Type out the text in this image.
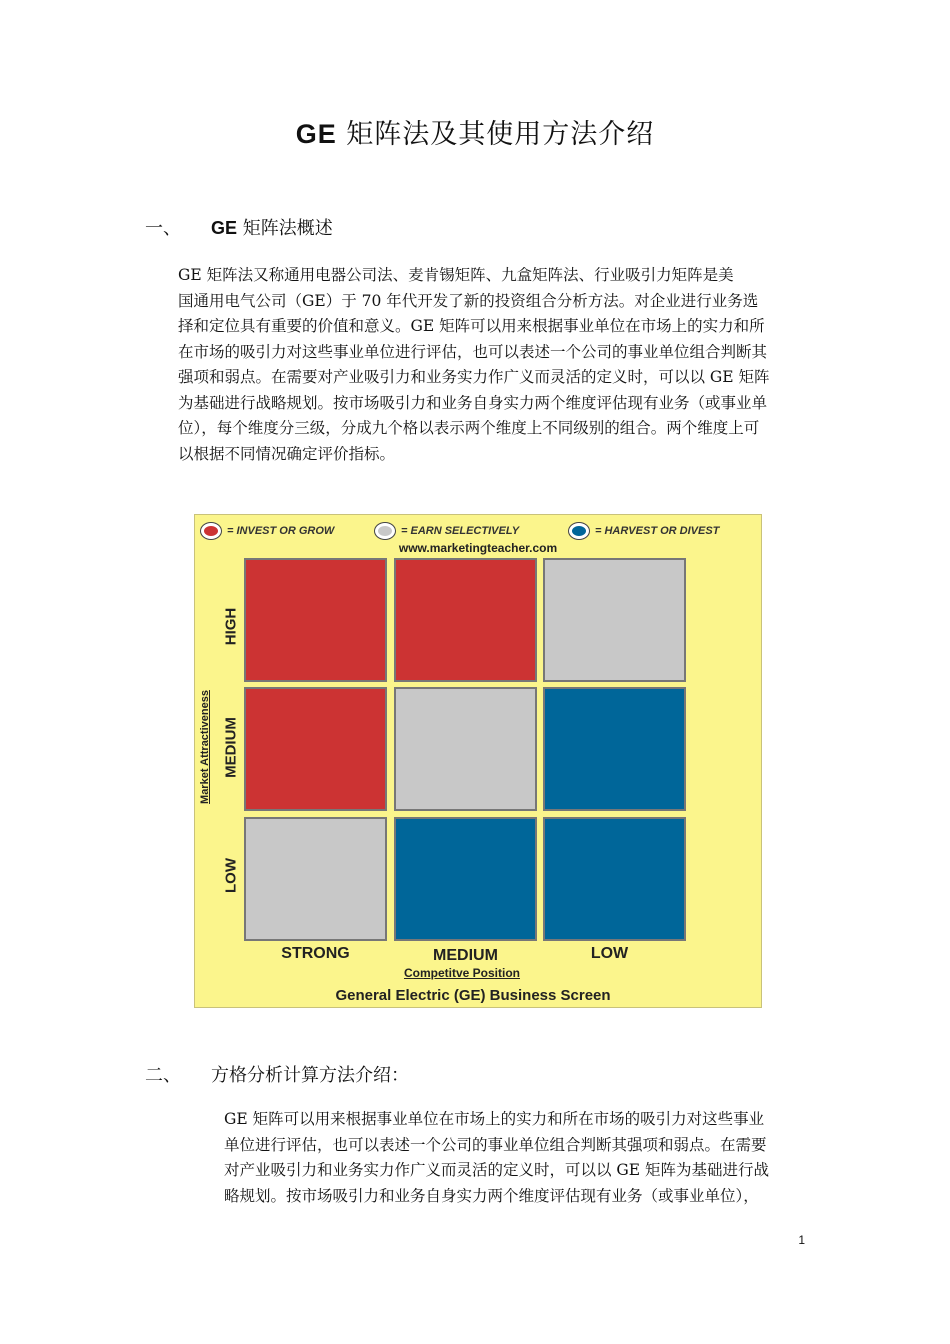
GE 矩阵法及其使用方法介绍
一、 GE 矩阵法概述
GE 矩阵法又称通用电器公司法、麦肯锡矩阵、九盒矩阵法、行业吸引力矩阵是美
国通用电气公司（GE）于 70 年代开发了新的投资组合分析方法。对企业进行业务选
择和定位具有重要的价值和意义。GE 矩阵可以用来根据事业单位在市场上的实力和所
在市场的吸引力对这些事业单位进行评估，也可以表述一个公司的事业单位组合判断其
强项和弱点。在需要对产业吸引力和业务实力作广义而灵活的定义时，可以以 GE 矩阵
为基础进行战略规划。按市场吸引力和业务自身实力两个维度评估现有业务（或事业单
位），每个维度分三级，分成九个格以表示两个维度上不同级别的组合。两个维度上可
以根据不同情况确定评价指标。
= INVEST OR GROW	= EARN SELECTIVELY	= HARVEST OR DIVEST
www.marketingteacher.com
Market Attractiveness
HIGH
MEDIUM
LOW
STRONG	MEDIUM	LOW
Competitve Position
General Electric (GE) Business Screen
二、 方格分析计算方法介绍：
GE 矩阵可以用来根据事业单位在市场上的实力和所在市场的吸引力对这些事业
单位进行评估，也可以表述一个公司的事业单位组合判断其强项和弱点。在需要
对产业吸引力和业务实力作广义而灵活的定义时，可以以 GE 矩阵为基础进行战
略规划。按市场吸引力和业务自身实力两个维度评估现有业务（或事业单位），
1
